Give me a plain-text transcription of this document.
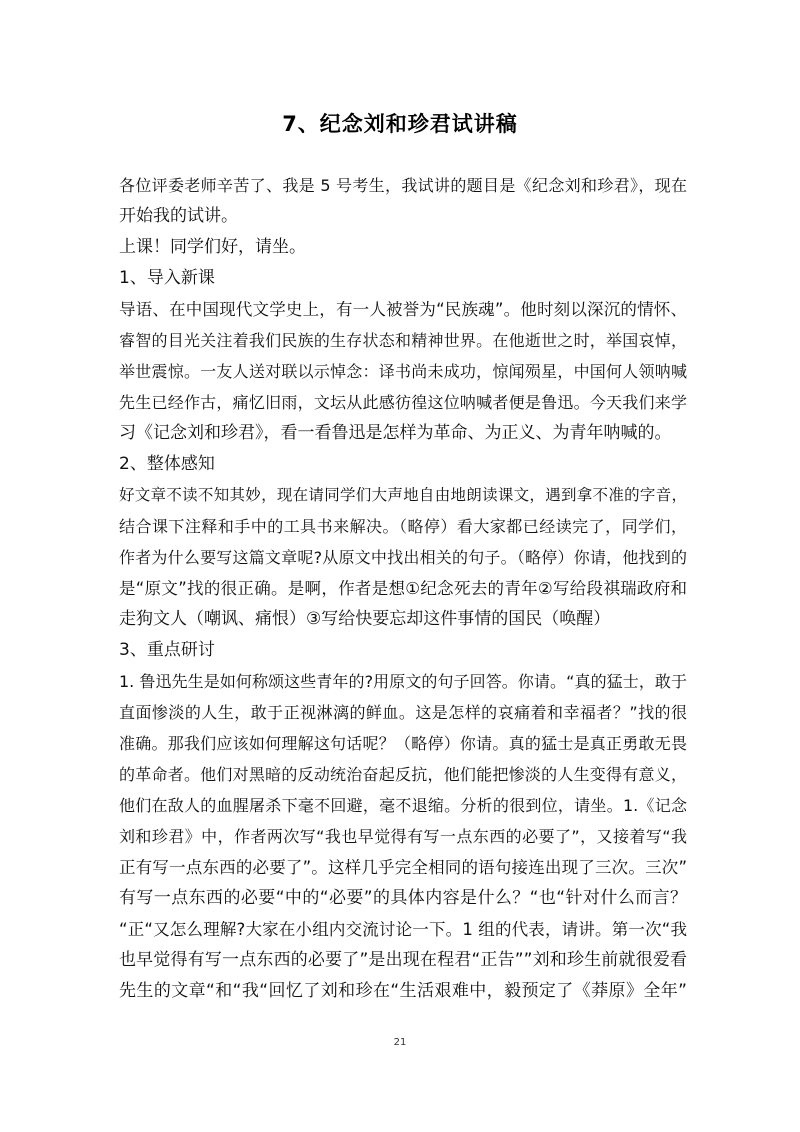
7、纪念刘和珍君试讲稿
各位评委老师辛苦了、我是 5 号考生，我试讲的题目是《纪念刘和珍君》，现在
开始我的试讲。
上课！同学们好，请坐。
1、导入新课
导语、在中国现代文学史上，有一人被誉为“民族魂”。他时刻以深沉的情怀、
睿智的目光关注着我们民族的生存状态和精神世界。在他逝世之时，举国哀悼，
举世震惊。一友人送对联以示悼念：译书尚未成功，惊闻殒星，中国何人领呐喊
先生已经作古，痛忆旧雨，文坛从此感彷徨这位呐喊者便是鲁迅。今天我们来学
习《记念刘和珍君》，看一看鲁迅是怎样为革命、为正义、为青年呐喊的。
2、整体感知
好文章不读不知其妙，现在请同学们大声地自由地朗读课文，遇到拿不准的字音，
结合课下注释和手中的工具书来解决。（略停）看大家都已经读完了，同学们，
作者为什么要写这篇文章呢?从原文中找出相关的句子。（略停）你请，他找到的
是“原文”找的很正确。是啊，作者是想①纪念死去的青年②写给段祺瑞政府和
走狗文人（嘲讽、痛恨）③写给快要忘却这件事情的国民（唤醒）
3、重点研讨
1. 鲁迅先生是如何称颂这些青年的?用原文的句子回答。你请。“真的猛士，敢于
直面惨淡的人生，敢于正视淋漓的鲜血。这是怎样的哀痛着和幸福者？”找的很
准确。那我们应该如何理解这句话呢？（略停）你请。真的猛士是真正勇敢无畏
的革命者。他们对黑暗的反动统治奋起反抗，他们能把惨淡的人生变得有意义，
他们在敌人的血腥屠杀下毫不回避，毫不退缩。分析的很到位，请坐。1.《记念
刘和珍君》中，作者两次写“我也早觉得有写一点东西的必要了”，又接着写“我
正有写一点东西的必要了”。这样几乎完全相同的语句接连出现了三次。三次”
有写一点东西的必要“中的“必要”的具体内容是什么？“也“针对什么而言？
“正“又怎么理解?大家在小组内交流讨论一下。1 组的代表，请讲。第一次“我
也早觉得有写一点东西的必要了”是出现在程君“正告””刘和珍生前就很爱看
先生的文章“和“我“回忆了刘和珍在“生活艰难中，毅预定了《莽原》全年”
21
